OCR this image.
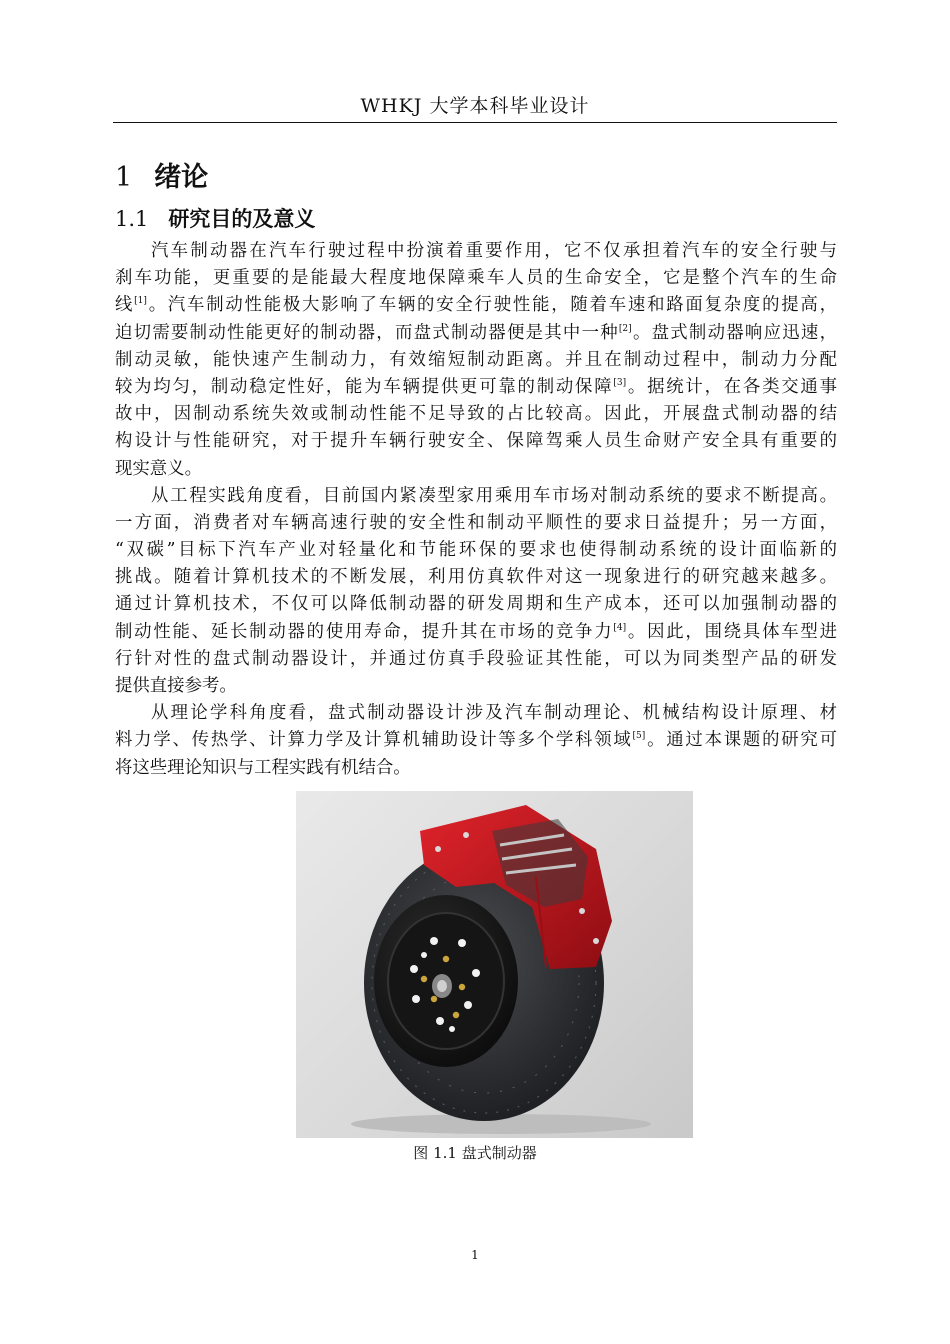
WHKJ 大学本科毕业设计
1 绪论
1.1 研究目的及意义
汽车制动器在汽车行驶过程中扮演着重要作用，它不仅承担着汽车的安全行驶与
刹车功能，更重要的是能最大程度地保障乘车人员的生命安全，它是整个汽车的生命
线[1]。汽车制动性能极大影响了车辆的安全行驶性能，随着车速和路面复杂度的提高，
迫切需要制动性能更好的制动器，而盘式制动器便是其中一种[2]。盘式制动器响应迅速，
制动灵敏，能快速产生制动力，有效缩短制动距离。并且在制动过程中，制动力分配
较为均匀，制动稳定性好，能为车辆提供更可靠的制动保障[3]。据统计，在各类交通事
故中，因制动系统失效或制动性能不足导致的占比较高。因此，开展盘式制动器的结
构设计与性能研究，对于提升车辆行驶安全、保障驾乘人员生命财产安全具有重要的
现实意义。
从工程实践角度看，目前国内紧凑型家用乘用车市场对制动系统的要求不断提高。
一方面，消费者对车辆高速行驶的安全性和制动平顺性的要求日益提升；另一方面，
“双碳”目标下汽车产业对轻量化和节能环保的要求也使得制动系统的设计面临新的
挑战。随着计算机技术的不断发展，利用仿真软件对这一现象进行的研究越来越多。
通过计算机技术，不仅可以降低制动器的研发周期和生产成本，还可以加强制动器的
制动性能、延长制动器的使用寿命，提升其在市场的竞争力[4]。因此，围绕具体车型进
行针对性的盘式制动器设计，并通过仿真手段验证其性能，可以为同类型产品的研发
提供直接参考。
从理论学科角度看，盘式制动器设计涉及汽车制动理论、机械结构设计原理、材
料力学、传热学、计算力学及计算机辅助设计等多个学科领域[5]。通过本课题的研究可
将这些理论知识与工程实践有机结合。
图 1.1 盘式制动器
1
